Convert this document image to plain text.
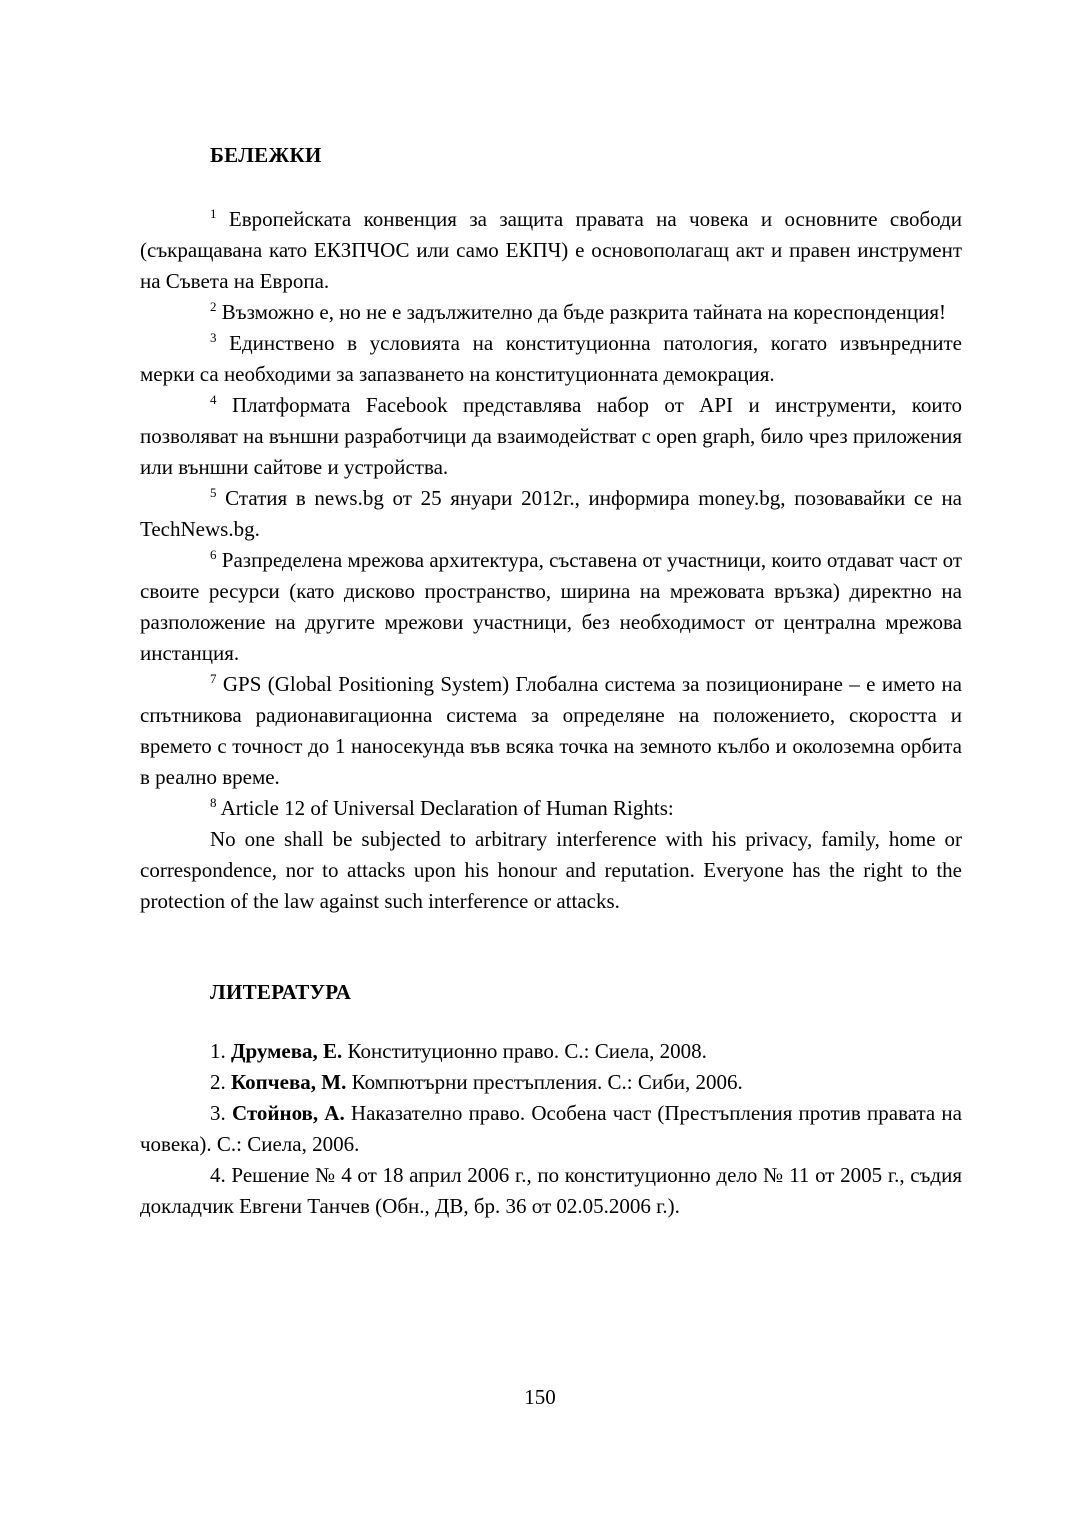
БЕЛЕЖКИ

$^1$ Европейската конвенция за защита правата на човека и основните свободи (съкращавана като ЕКЗПЧОС или само ЕКПЧ) е основополагащ акт и правен инструмент на Съвета на Европа.

$^2$ Възможно е, но не е задължително да бъде разкрита тайната на кореспонденция!

$^3$ Единствено в условията на конституционна патология, когато извънредните мерки са необходими за запазването на конституционната демокрация.

$^4$ Платформата Facebook представлява набор от API и инструменти, които позволяват на външни разработчици да взаимодействат с open graph, било чрез приложения или външни сайтове и устройства.

$^5$ Статия в news.bg от 25 януари 2012г., информира money.bg, позовавайки се на TechNews.bg.

$^6$ Разпределена мрежова архитектура, съставена от участници, които отдават част от своите ресурси (като дисково пространство, ширина на мрежовата връзка) директно на разположение на другите мрежови участници, без необходимост от централна мрежова инстанция.

$^7$ GPS (Global Positioning System) Глобална система за позициониране – е името на спътникова радионавигационна система за определяне на положението, скоростта и времето с точност до 1 наносекунда във всяка точка на земното кълбо и околоземна орбита в реално време.

$^8$ Article 12 of Universal Declaration of Human Rights:

No one shall be subjected to arbitrary interference with his privacy, family, home or correspondence, nor to attacks upon his honour and reputation. Everyone has the right to the protection of the law against such interference or attacks.

ЛИТЕРАТУРА

1. Друмева, Е. Конституционно право. С.: Сиела, 2008.

2. Копчева, М. Компютърни престъпления. С.: Сиби, 2006.

3. Стойнов, А. Наказателно право. Особена част (Престъпления против правата на човека). С.: Сиела, 2006.

4. Решение № 4 от 18 април 2006 г., по конституционно дело № 11 от 2005 г., съдия докладчик Евгени Танчев (Обн., ДВ, бр. 36 от 02.05.2006 г.).

150
